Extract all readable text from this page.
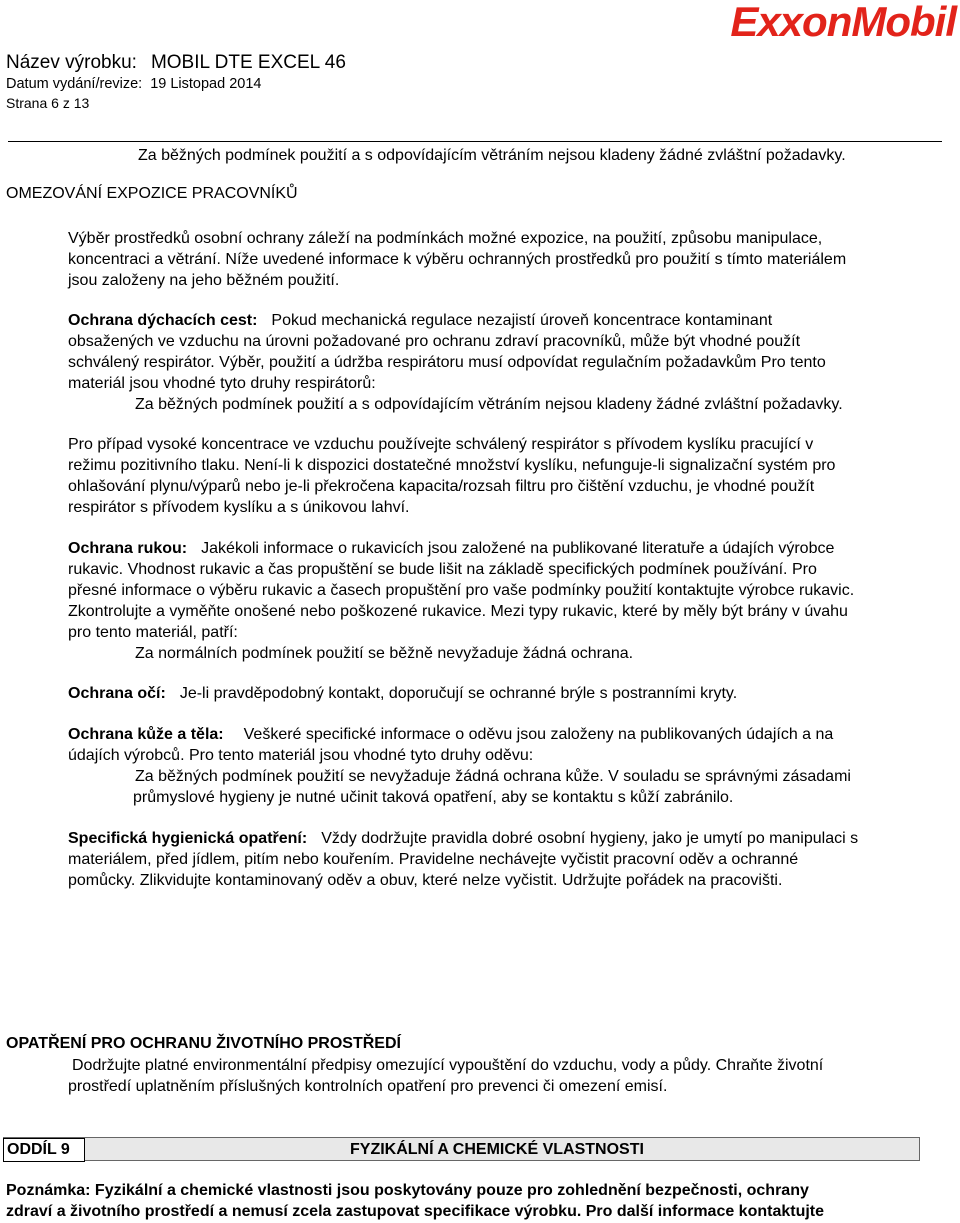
Název výrobku: MOBIL DTE EXCEL 46
Datum vydání/revize: 19 Listopad 2014
Strana 6 z 13
ExxonMobil
Za běžných podmínek použití a s odpovídajícím větráním nejsou kladeny žádné zvláštní požadavky.
OMEZOVÁNÍ EXPOZICE PRACOVNÍKŮ
Výběr prostředků osobní ochrany záleží na podmínkách možné expozice, na použití, způsobu manipulace,
koncentraci a větrání. Níže uvedené informace k výběru ochranných prostředků pro použití s tímto materiálem
jsou založeny na jeho běžném použití.
Ochrana dýchacích cest: Pokud mechanická regulace nezajistí úroveň koncentrace kontaminant
obsažených ve vzduchu na úrovni požadované pro ochranu zdraví pracovníků, může být vhodné použít
schválený respirátor. Výběr, použití a údržba respirátoru musí odpovídat regulačním požadavkům Pro tento
materiál jsou vhodné tyto druhy respirátorů:
Za běžných podmínek použití a s odpovídajícím větráním nejsou kladeny žádné zvláštní požadavky.
Pro případ vysoké koncentrace ve vzduchu používejte schválený respirátor s přívodem kyslíku pracující v
režimu pozitivního tlaku. Není-li k dispozici dostatečné množství kyslíku, nefunguje-li signalizační systém pro
ohlašování plynu/výparů nebo je-li překročena kapacita/rozsah filtru pro čištění vzduchu, je vhodné použít
respirátor s přívodem kyslíku a s únikovou lahví.
Ochrana rukou: Jakékoli informace o rukavicích jsou založené na publikované literatuře a údajích výrobce
rukavic. Vhodnost rukavic a čas propuštění se bude lišit na základě specifických podmínek používání. Pro
přesné informace o výběru rukavic a časech propuštění pro vaše podmínky použití kontaktujte výrobce rukavic.
Zkontrolujte a vyměňte onošené nebo poškozené rukavice. Mezi typy rukavic, které by měly být brány v úvahu
pro tento materiál, patří:
Za normálních podmínek použití se běžně nevyžaduje žádná ochrana.
Ochrana očí: Je-li pravděpodobný kontakt, doporučují se ochranné brýle s postranními kryty.
Ochrana kůže a těla: Veškeré specifické informace o oděvu jsou založeny na publikovaných údajích a na
údajích výrobců. Pro tento materiál jsou vhodné tyto druhy oděvu:
Za běžných podmínek použití se nevyžaduje žádná ochrana kůže. V souladu se správnými zásadami
průmyslové hygieny je nutné učinit taková opatření, aby se kontaktu s kůží zabránilo.
Specifická hygienická opatření: Vždy dodržujte pravidla dobré osobní hygieny, jako je umytí po manipulaci s
materiálem, před jídlem, pitím nebo kouřením. Pravidelne nechávejte vyčistit pracovní oděv a ochranné
pomůcky. Zlikvidujte kontaminovaný oděv a obuv, které nelze vyčistit. Udržujte pořádek na pracovišti.
OPATŘENÍ PRO OCHRANU ŽIVOTNÍHO PROSTŘEDÍ
Dodržujte platné environmentální předpisy omezující vypouštění do vzduchu, vody a půdy. Chraňte životní
prostředí uplatněním příslušných kontrolních opatření pro prevenci či omezení emisí.
ODDÍL 9	FYZIKÁLNÍ A CHEMICKÉ VLASTNOSTI
Poznámka: Fyzikální a chemické vlastnosti jsou poskytovány pouze pro zohlednění bezpečnosti, ochrany
zdraví a životního prostředí a nemusí zcela zastupovat specifikace výrobku. Pro další informace kontaktujte
